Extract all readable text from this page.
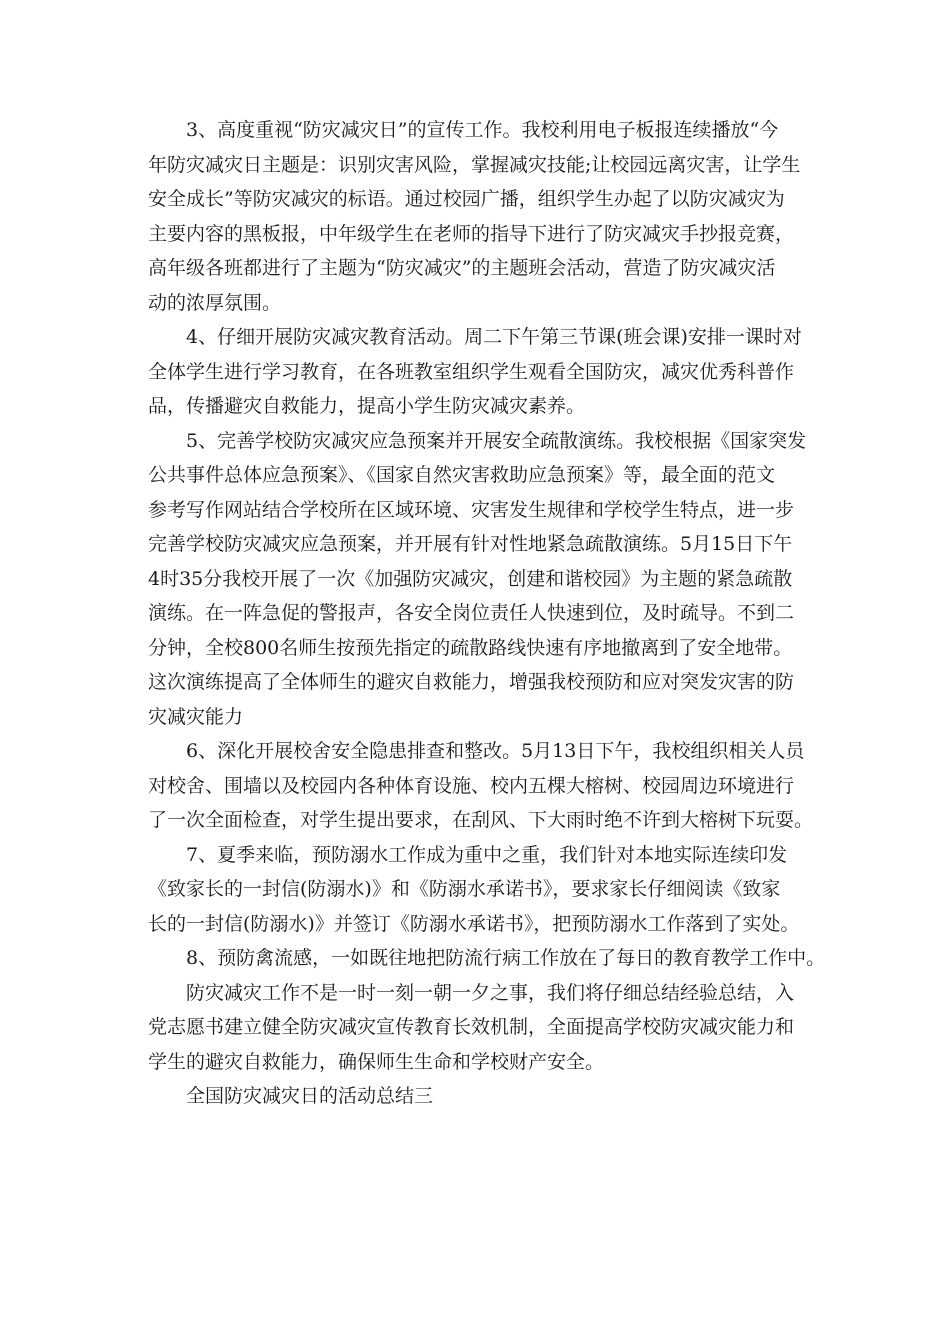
3、高度重视“防灾减灾日”的宣传工作。我校利用电子板报连续播放“今
年防灾减灾日主题是：识别灾害风险，掌握减灾技能;让校园远离灾害，让学生
安全成长”等防灾减灾的标语。通过校园广播，组织学生办起了以防灾减灾为
主要内容的黑板报，中年级学生在老师的指导下进行了防灾减灾手抄报竞赛，
高年级各班都进行了主题为“防灾减灾”的主题班会活动，营造了防灾减灾活
动的浓厚氛围。
4、仔细开展防灾减灾教育活动。周二下午第三节课(班会课)安排一课时对
全体学生进行学习教育，在各班教室组织学生观看全国防灾，减灾优秀科普作
品，传播避灾自救能力，提高小学生防灾减灾素养。
5、完善学校防灾减灾应急预案并开展安全疏散演练。我校根据《国家突发
公共事件总体应急预案》、《国家自然灾害救助应急预案》等，最全面的范文
参考写作网站结合学校所在区域环境、灾害发生规律和学校学生特点，进一步
完善学校防灾减灾应急预案，并开展有针对性地紧急疏散演练。5月15日下午
4时35分我校开展了一次《加强防灾减灾，创建和谐校园》为主题的紧急疏散
演练。在一阵急促的警报声，各安全岗位责任人快速到位，及时疏导。不到二
分钟，全校800名师生按预先指定的疏散路线快速有序地撤离到了安全地带。
这次演练提高了全体师生的避灾自救能力，增强我校预防和应对突发灾害的防
灾减灾能力
6、深化开展校舍安全隐患排查和整改。5月13日下午，我校组织相关人员
对校舍、围墙以及校园内各种体育设施、校内五棵大榕树、校园周边环境进行
了一次全面检查，对学生提出要求，在刮风、下大雨时绝不许到大榕树下玩耍。
7、夏季来临，预防溺水工作成为重中之重，我们针对本地实际连续印发
《致家长的一封信(防溺水)》和《防溺水承诺书》，要求家长仔细阅读《致家
长的一封信(防溺水)》并签订《防溺水承诺书》，把预防溺水工作落到了实处。
8、预防禽流感，一如既往地把防流行病工作放在了每日的教育教学工作中。
防灾减灾工作不是一时一刻一朝一夕之事，我们将仔细总结经验总结，入
党志愿书建立健全防灾减灾宣传教育长效机制，全面提高学校防灾减灾能力和
学生的避灾自救能力，确保师生生命和学校财产安全。
全国防灾减灾日的活动总结三
